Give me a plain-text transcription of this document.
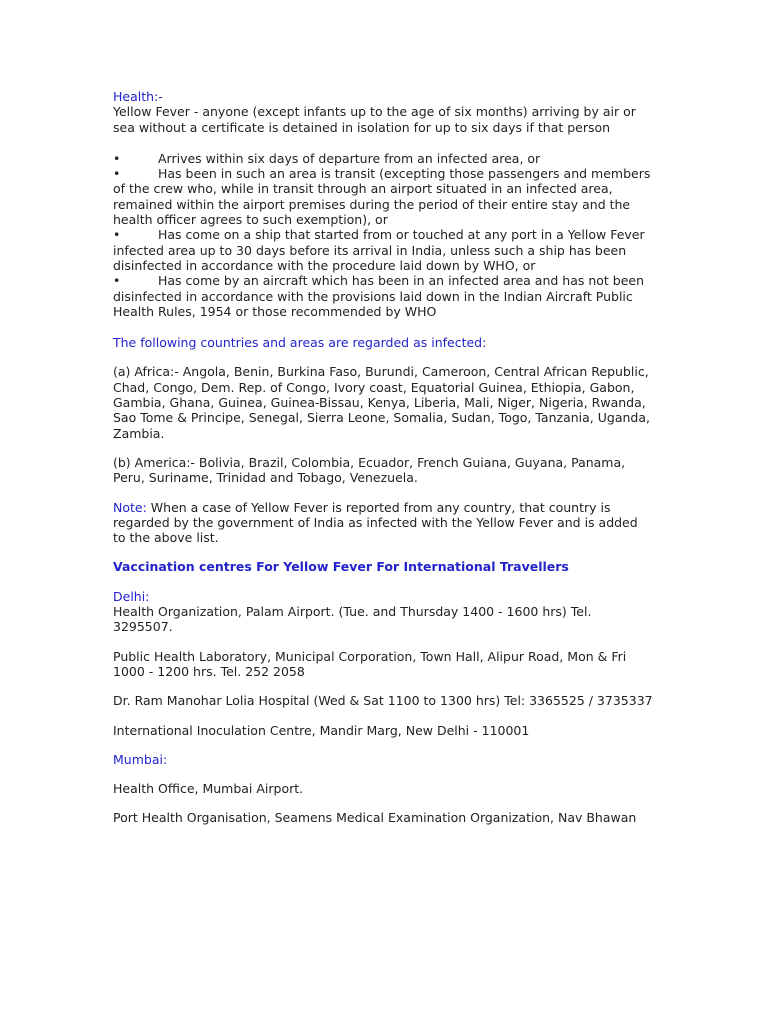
Health:-

Yellow Fever - anyone (except infants up to the age of six months) arriving by air or sea without a certificate is detained in isolation for up to six days if that person

•	Arrives within six days of departure from an infected area, or
•	Has been in such an area is transit (excepting those passengers and members of the crew who, while in transit through an airport situated in an infected area, remained within the airport premises during the period of their entire stay and the health officer agrees to such exemption), or
•	Has come on a ship that started from or touched at any port in a Yellow Fever infected area up to 30 days before its arrival in India, unless such a ship has been disinfected in accordance with the procedure laid down by WHO, or
•	Has come by an aircraft which has been in an infected area and has not been disinfected in accordance with the provisions laid down in the Indian Aircraft Public Health Rules, 1954 or those recommended by WHO
The following countries and areas are regarded as infected:

(a) Africa:- Angola, Benin, Burkina Faso, Burundi, Cameroon, Central African Republic, Chad, Congo, Dem. Rep. of Congo, Ivory coast, Equatorial Guinea, Ethiopia, Gabon, Gambia, Ghana, Guinea, Guinea-Bissau, Kenya, Liberia, Mali, Niger, Nigeria, Rwanda, Sao Tome & Principe, Senegal, Sierra Leone, Somalia, Sudan, Togo, Tanzania, Uganda, Zambia.

(b) America:- Bolivia, Brazil, Colombia, Ecuador, French Guiana, Guyana, Panama, Peru, Suriname, Trinidad and Tobago, Venezuela.

Note: When a case of Yellow Fever is reported from any country, that country is regarded by the government of India as infected with the Yellow Fever and is added to the above list.

Vaccination centres For Yellow Fever For International Travellers
Delhi:

Health Organization, Palam Airport. (Tue. and Thursday 1400 - 1600 hrs) Tel. 3295507.

Public Health Laboratory, Municipal Corporation, Town Hall, Alipur Road, Mon & Fri 1000 - 1200 hrs. Tel. 252 2058

Dr. Ram Manohar Lolia Hospital (Wed & Sat 1100 to 1300 hrs) Tel: 3365525 / 3735337

International Inoculation Centre, Mandir Marg, New Delhi - 110001

Mumbai:

Health Office, Mumbai Airport.

Port Health Organisation, Seamens Medical Examination Organization, Nav Bhawan
